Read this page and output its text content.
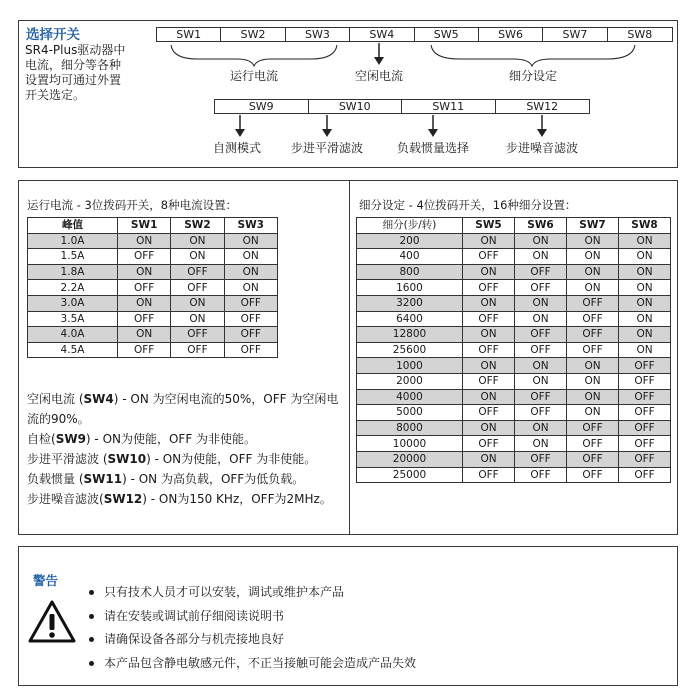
选择开关
SR4-Plus驱动器中
电流，细分等各种
设置均可通过外置
开关选定。
SW1	SW2	SW3	SW4	SW5	SW6	SW7	SW8
运行电流	空闲电流	细分设定
SW9	SW10	SW11	SW12
自测模式 步进平滑滤波	负载惯量选择	步进噪音滤波
运行电流 - 3位拨码开关，8种电流设置：
峰值	SW1	SW2	SW3
1.0A	ON	ON	ON
1.5A	OFF	ON	ON
1.8A	ON	OFF	ON
2.2A	OFF	OFF	ON
3.0A	ON	ON	OFF
3.5A	OFF	ON	OFF
4.0A	ON	OFF	OFF
4.5A	OFF	OFF	OFF
细分设定 - 4位拨码开关，16种细分设置：
细分(步/转)	SW5	SW6	SW7	SW8
200	ON	ON	ON	ON
400	OFF	ON	ON	ON
800	ON	OFF	ON	ON
1600	OFF	OFF	ON	ON
3200	ON	ON	OFF	ON
6400	OFF	ON	OFF	ON
12800	ON	OFF	OFF	ON
25600	OFF	OFF	OFF	ON
1000	ON	ON	ON	OFF
2000	OFF	ON	ON	OFF
4000	ON	OFF	ON	OFF
5000	OFF	OFF	ON	OFF
8000	ON	ON	OFF	OFF
10000	OFF	ON	OFF	OFF
20000	ON	OFF	OFF	OFF
25000	OFF	OFF	OFF	OFF
空闲电流 (SW4) - ON 为空闲电流的50%，OFF 为空闲电流的90%。
自检(SW9) - ON为使能，OFF 为非使能。
步进平滑滤波 (SW10) - ON为使能，OFF 为非使能。
负载惯量 (SW11) - ON 为高负载，OFF为低负载。
步进噪音滤波(SW12) - ON为150 KHz，OFF为2MHz。
警告
只有技术人员才可以安装，调试或维护本产品
请在安装或调试前仔细阅读说明书
请确保设备各部分与机壳接地良好
本产品包含静电敏感元件，不正当接触可能会造成产品失效
